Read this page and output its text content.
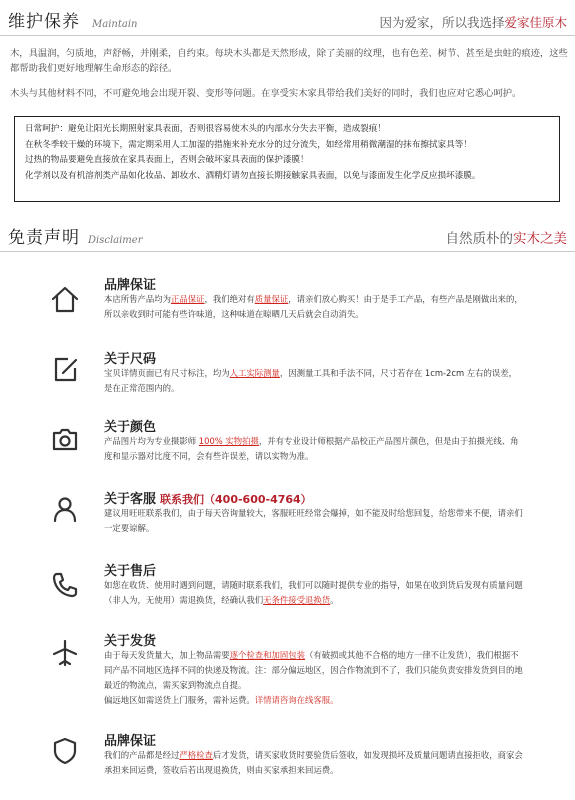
维护保养 Maintain	因为爱家，所以我选择爱家佳原木
木，具温润，匀质地，声舒畅，并刚柔，自约束。每块木头都是天然形成，除了美丽的纹理，也有色差、树节、甚至是虫蛀的痕迹，这些都帮助我们更好地理解生命形态的踪径。
木头与其他材料不同，不可避免地会出现开裂、变形等问题。在享受实木家具带给我们美好的同时，我们也应对它悉心呵护。
日常呵护：避免让阳光长期照射家具表面，否则很容易使木头的内部水分失去平衡，造成裂痕！
在秋冬季较干燥的环境下，需定期采用人工加湿的措施来补充水分的过分流失，如经常用稍微潮湿的抹布擦拭家具等！
过热的物品要避免直接放在家具表面上，否则会破坏家具表面的保护漆膜！
化学剂以及有机溶剂类产品如化妆品、卸妆水、酒精灯请勿直接长期接触家具表面，以免与漆面发生化学反应损坏漆膜。
免责声明 Disclaimer	自然质朴的实木之美
品牌保证
本店所售产品均为正品保证，我们绝对有质量保证，请亲们放心购买！由于是手工产品，有些产品是刚做出来的，所以亲收到时可能有些许味道，这种味道在晾晒几天后就会自动消失。
关于尺码
宝贝详情页面已有尺寸标注，均为人工实际测量，因测量工具和手法不同，尺寸若存在 1cm-2cm 左右的误差，是在正常范围内的。
关于颜色
产品图片均为专业摄影师 100% 实物拍摄，并有专业设计师根据产品校正产品图片颜色，但是由于拍摄光线、角度和显示器对比度不同，会有些许误差，请以实物为准。
关于客服 联系我们（400-600-4764）
建议用旺旺联系我们，由于每天咨询量较大，客服旺旺经常会爆掉，如不能及时给您回复，给您带来不便，请亲们一定要谅解。
关于售后
如您在收货、使用时遇到问题，请随时联系我们，我们可以随时提供专业的指导，如果在收到货后发现有质量问题（非人为，无使用）需退换货，经确认我们无条件接受退换货。
关于发货
由于每天发货量大，加上物品需要逐个检查和加固包装（有破损或其他不合格的地方一律不让发货），我们根据不同产品不同地区选择不同的快递及物流。注：部分偏远地区，因合作物流到不了，我们只能负责安排发货到目的地最近的物流点，需买家到物流点自提。
偏远地区如需送货上门服务，需补运费。详情请咨询在线客服。
品牌保证
我们的产品都是经过严格检查后才发货，请买家收货时要验货后签收，如发现损坏及质量问题请直接拒收，商家会承担来回运费，签收后若出现退换货，则由买家承担来回运费。
